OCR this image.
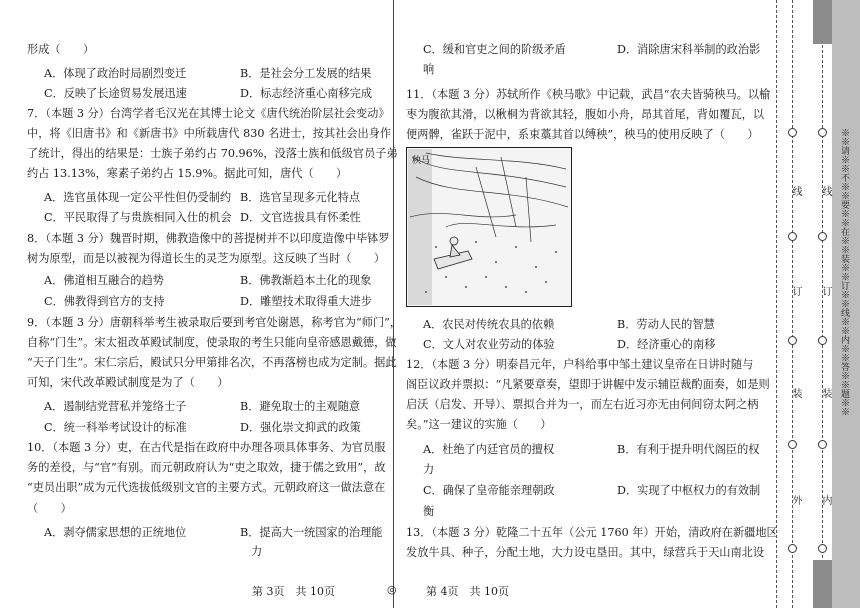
形成（　　）
A．体现了政治时局剧烈变迁	B．是社会分工发展的结果
C．反映了长途贸易发展迅速	D．标志经济重心南移完成
7．（本题 3 分）台湾学者毛汉光在其博士论文《唐代统治阶层社会变动》
中，将《旧唐书》和《新唐书》中所载唐代 830 名进士，按其社会出身作
了统计，得出的结果是：士族子弟约占 70.96%，没落士族和低级官员子弟
约占 13.13%，寒素子弟约占 15.9%。据此可知，唐代（　　）
A．选官虽体现一定公平性但仍受制约 B．选官呈现多元化特点
C．平民取得了与贵族相同入仕的机会 D．文官选拔具有怀柔性
8．（本题 3 分）魏晋时期，佛教造像中的菩提树并不以印度造像中毕钵罗
树为原型，而是以被视为得道长生的灵芝为原型。这反映了当时（　　）
A．佛道相互融合的趋势	B．佛教渐趋本土化的现象
C．佛教得到官方的支持	D．雕塑技术取得重大进步
9．（本题 3 分）唐朝科举考生被录取后要到考官处谢恩，称考官为“师门”，
自称“门生”。宋太祖改革殿试制度，使录取的考生只能向皇帝感恩戴德，做
“天子门生”。宋仁宗后，殿试只分甲第排名次，不再落榜也成为定制。据此
可知，宋代改革殿试制度是为了（　　）
A．遏制结党营私并笼络士子	B．避免取士的主观随意
C．统一科举考试设计的标准	D．强化崇文抑武的政策
10．（本题 3 分）吏，在古代是指在政府中办理各项具体事务、为官员服
务的差役，与“官”有别。而元朝政府认为“吏之取效，捷于儒之致用”，故
“吏员出职”成为元代选拔低级别文官的主要方式。元朝政府这一做法意在
（　　）
A．剥夺儒家思想的正统地位	B．提高大一统国家的治理能
力
C．缓和官吏之间的阶级矛盾	D．消除唐宋科举制的政治影
响
11．（本题 3 分）苏轼所作《秧马歌》中记载，武昌“农夫皆骑秧马。以榆
枣为腹欲其滑，以楸桐为背欲其轻，腹如小舟，昂其首尾，背如覆瓦，以
便两髀，雀跃于泥中，系束藁其首以缚秧”，秧马的使用反映了（　　）
秧马
A．农民对传统农具的依赖	B．劳动人民的智慧
C．文人对农业劳动的体验	D．经济重心的南移
12．（本题 3 分）明泰昌元年，户科给事中邹土建议皇帝在日讲时随与
阁臣议政并票拟：“凡紧要章奏，望即于讲幄中发示辅臣裁酌面奏，如是则
启沃（启发、开导）、票拟合并为一，而左右近习亦无由伺间窃太阿之柄
矣。”这一建议的实施（　　）
A．杜绝了内廷官员的擅权	B．有利于提升明代阁臣的权
力
C．确保了皇帝能亲理朝政	D．实现了中枢权力的有效制
衡
13．（本题 3 分）乾隆二十五年（公元 1760 年）开始，清政府在新疆地区
发放牛具、种子，分配土地，大力设屯垦田。其中，绿营兵于天山南北设
第 3页　共 10页	◎	第 4页　共 10页
※※请※※不※※要※※在※※装※※订※※线※※内※※答※※题※※
外
装
订
线
内
装
订
线
